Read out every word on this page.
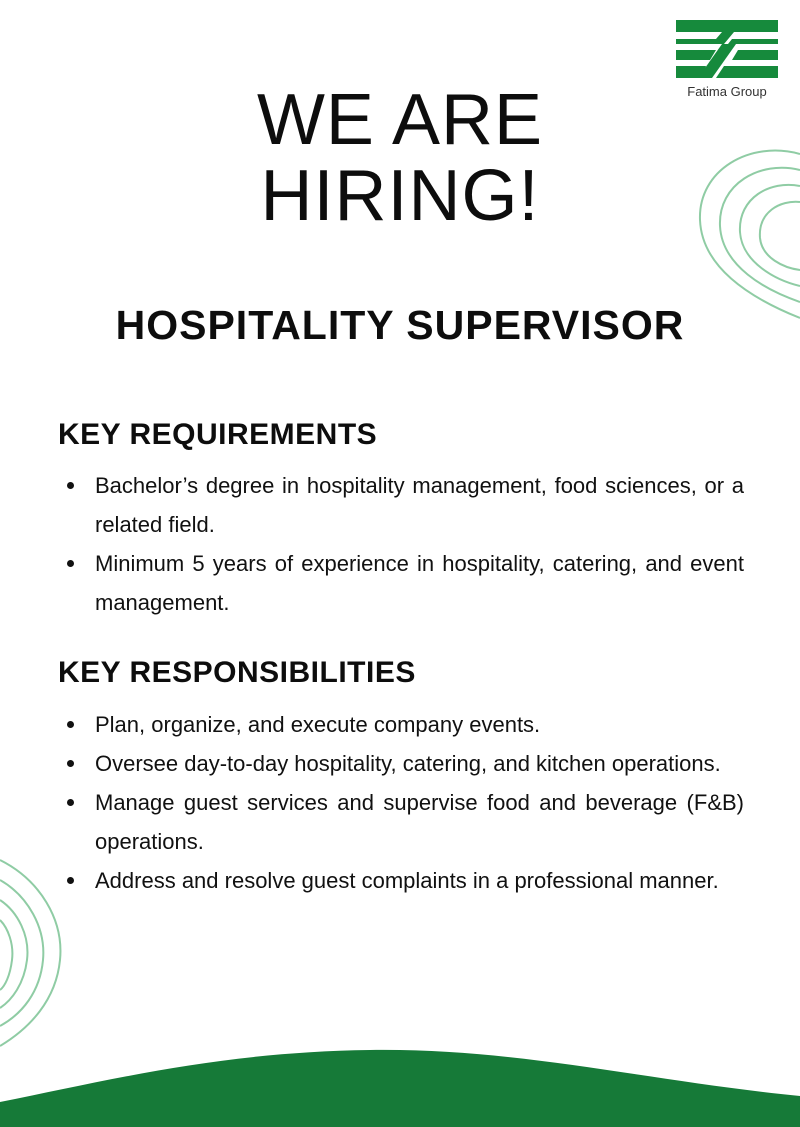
Fatima Group
WE ARE
HIRING!
HOSPITALITY SUPERVISOR
KEY REQUIREMENTS
Bachelor’s degree in hospitality management, food sciences, or a related field.
Minimum 5 years of experience in hospitality, catering, and event management.
KEY RESPONSIBILITIES
Plan, organize, and execute company events.
Oversee day-to-day hospitality, catering, and kitchen operations.
Manage guest services and supervise food and beverage (F&B) operations.
Address and resolve guest complaints in a professional manner.
